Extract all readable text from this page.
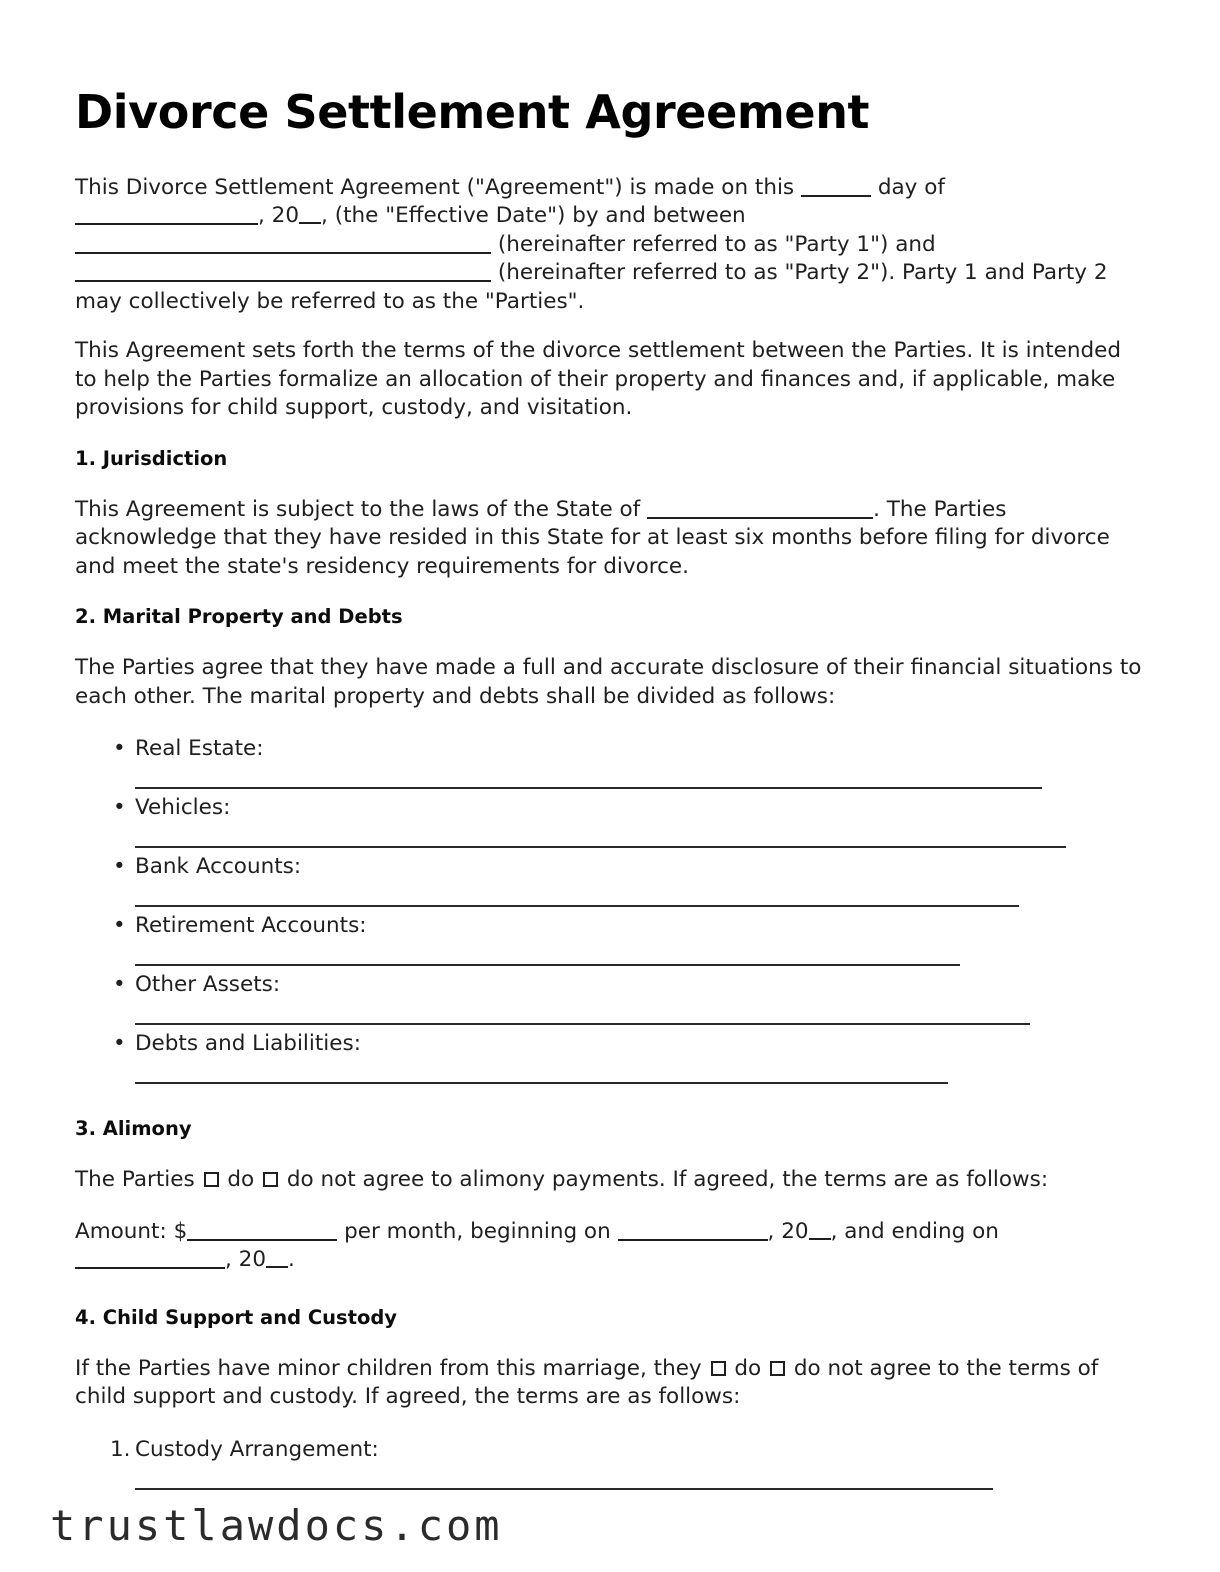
Divorce Settlement Agreement

This Divorce Settlement Agreement ("Agreement") is made on this	day of
, 20 , (the "Effective Date") by and between
(hereinafter referred to as "Party 1") and
(hereinafter referred to as "Party 2"). Party 1 and Party 2 may collectively be referred to as the "Parties".

This Agreement sets forth the terms of the divorce settlement between the Parties. It is intended to help the Parties formalize an allocation of their property and finances and, if applicable, make provisions for child support, custody, and visitation.

1. Jurisdiction

This Agreement is subject to the laws of the State of	. The Parties acknowledge that they have resided in this State for at least six months before filing for divorce and meet the state's residency requirements for divorce.

2. Marital Property and Debts

The Parties agree that they have made a full and accurate disclosure of their financial situations to each other. The marital property and debts shall be divided as follows:

• Real Estate:
• Vehicles:
• Bank Accounts:
• Retirement Accounts:
• Other Assets:
• Debts and Liabilities:
3. Alimony

The Parties do do not agree to alimony payments. If agreed, the terms are as follows:

Amount: $	per month, beginning on	, 20 , and ending on , 20 .

4. Child Support and Custody

If the Parties have minor children from this marriage, they do do not agree to the terms of child support and custody. If agreed, the terms are as follows:

1. Custody Arrangement:
trustlawdocs.com
